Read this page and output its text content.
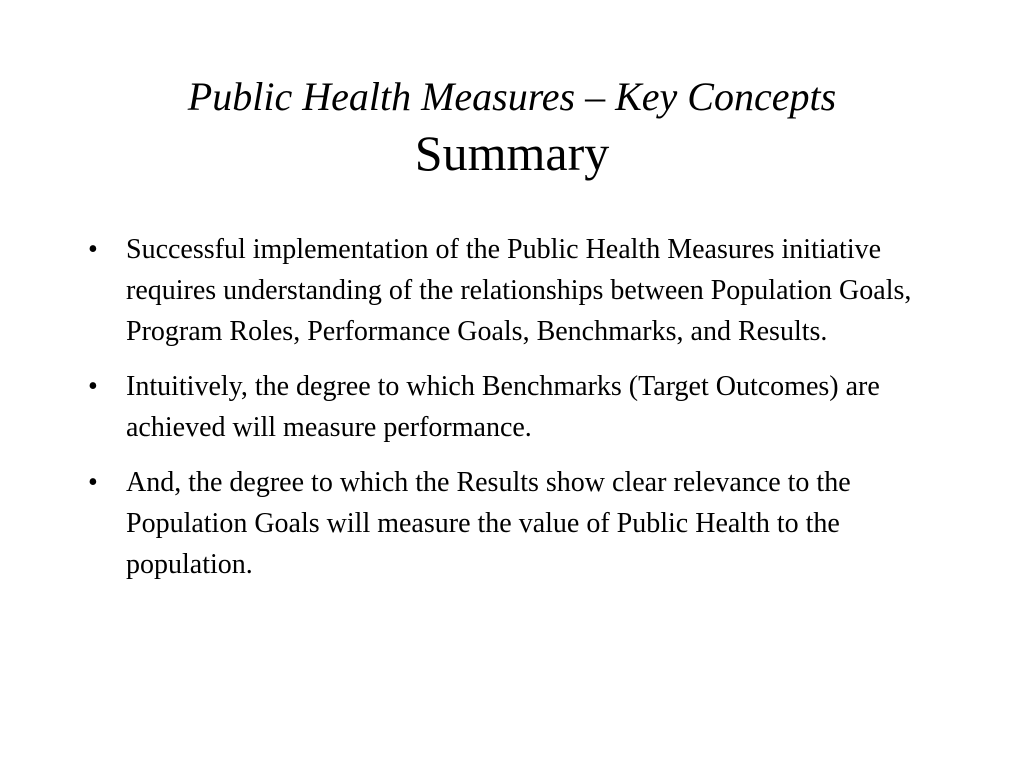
Public Health Measures – Key Concepts
Summary
•	Successful implementation of the Public Health Measures initiative requires understanding of the relationships between Population Goals, Program Roles, Performance Goals, Benchmarks, and Results.
•	Intuitively, the degree to which Benchmarks (Target Outcomes) are achieved will measure performance.
•	And, the degree to which the Results show clear relevance to the  Population Goals will measure the value of Public Health to the population.
